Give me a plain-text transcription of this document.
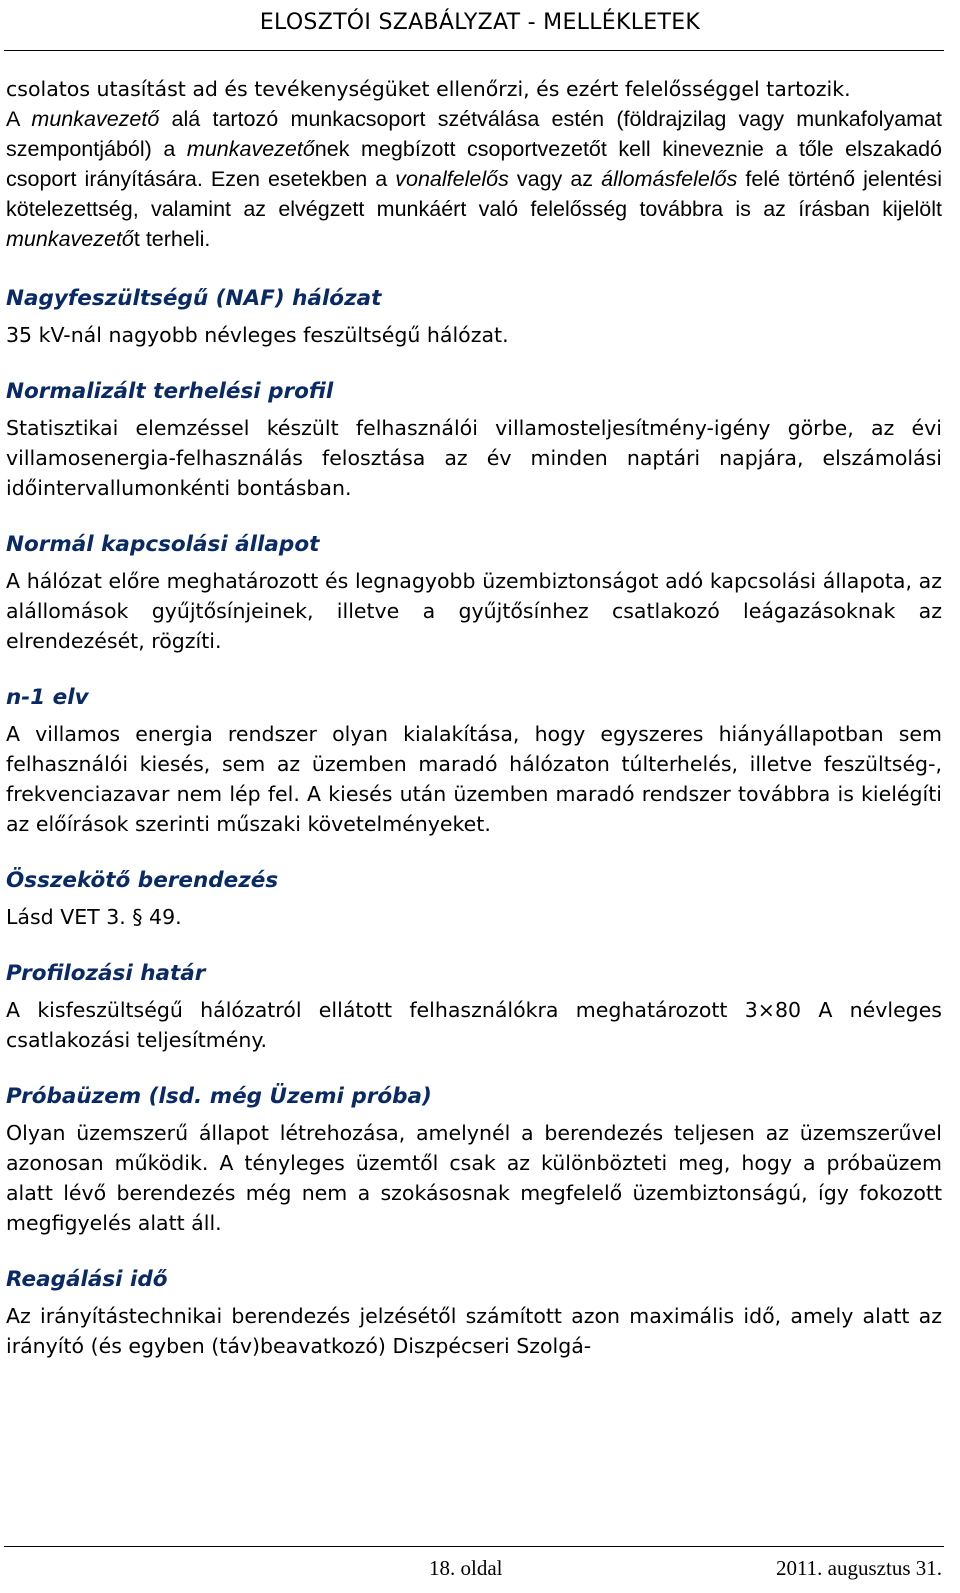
ELOSZTÓI SZABÁLYZAT - MELLÉKLETEK

csolatos utasítást ad és tevékenységüket ellenőrzi, és ezért felelősséggel tartozik.

A munkavezető alá tartozó munkacsoport szétválása estén (földrajzilag vagy munkafolyamat szempontjából) a munkavezetőnek megbízott csoportvezetőt kell kineveznie a tőle elszakadó csoport irányítására. Ezen esetekben a vonalfelelős vagy az állomásfelelős felé történő jelentési kötelezettség, valamint az elvégzett munkáért való felelősség továbbra is az írásban kijelölt munkavezetőt terheli.

Nagyfeszültségű (NAF) hálózat

35 kV-nál nagyobb névleges feszültségű hálózat.

Normalizált terhelési profil

Statisztikai elemzéssel készült felhasználói villamosteljesítmény-igény görbe, az évi villamosenergia-felhasználás felosztása az év minden naptári napjára, elszámolási időintervallumonkénti bontásban.

Normál kapcsolási állapot

A hálózat előre meghatározott és legnagyobb üzembiztonságot adó kapcsolási állapota, az alállomások gyűjtősínjeinek, illetve a gyűjtősínhez csatlakozó leágazásoknak az elrendezését, rögzíti.

n-1 elv

A villamos energia rendszer olyan kialakítása, hogy egyszeres hiányállapotban sem felhasználói kiesés, sem az üzemben maradó hálózaton túlterhelés, illetve feszültség-, frekvenciazavar nem lép fel. A kiesés után üzemben maradó rendszer továbbra is kielégíti az előírások szerinti műszaki követelményeket.

Összekötő berendezés

Lásd VET 3. § 49.

Profilozási határ

A kisfeszültségű hálózatról ellátott felhasználókra meghatározott 3×80 A névleges csatlakozási teljesítmény.

Próbaüzem (lsd. még Üzemi próba)

Olyan üzemszerű állapot létrehozása, amelynél a berendezés teljesen az üzemszerűvel azonosan működik. A tényleges üzemtől csak az különbözteti meg, hogy a próbaüzem alatt lévő berendezés még nem a szokásosnak megfelelő üzembiztonságú, így fokozott megfigyelés alatt áll.

Reagálási idő

Az irányítástechnikai berendezés jelzésétől számított azon maximális idő, amely alatt az irányító (és egyben (táv)beavatkozó) Diszpécseri Szolgá-

18. oldal	2011. augusztus 31.
